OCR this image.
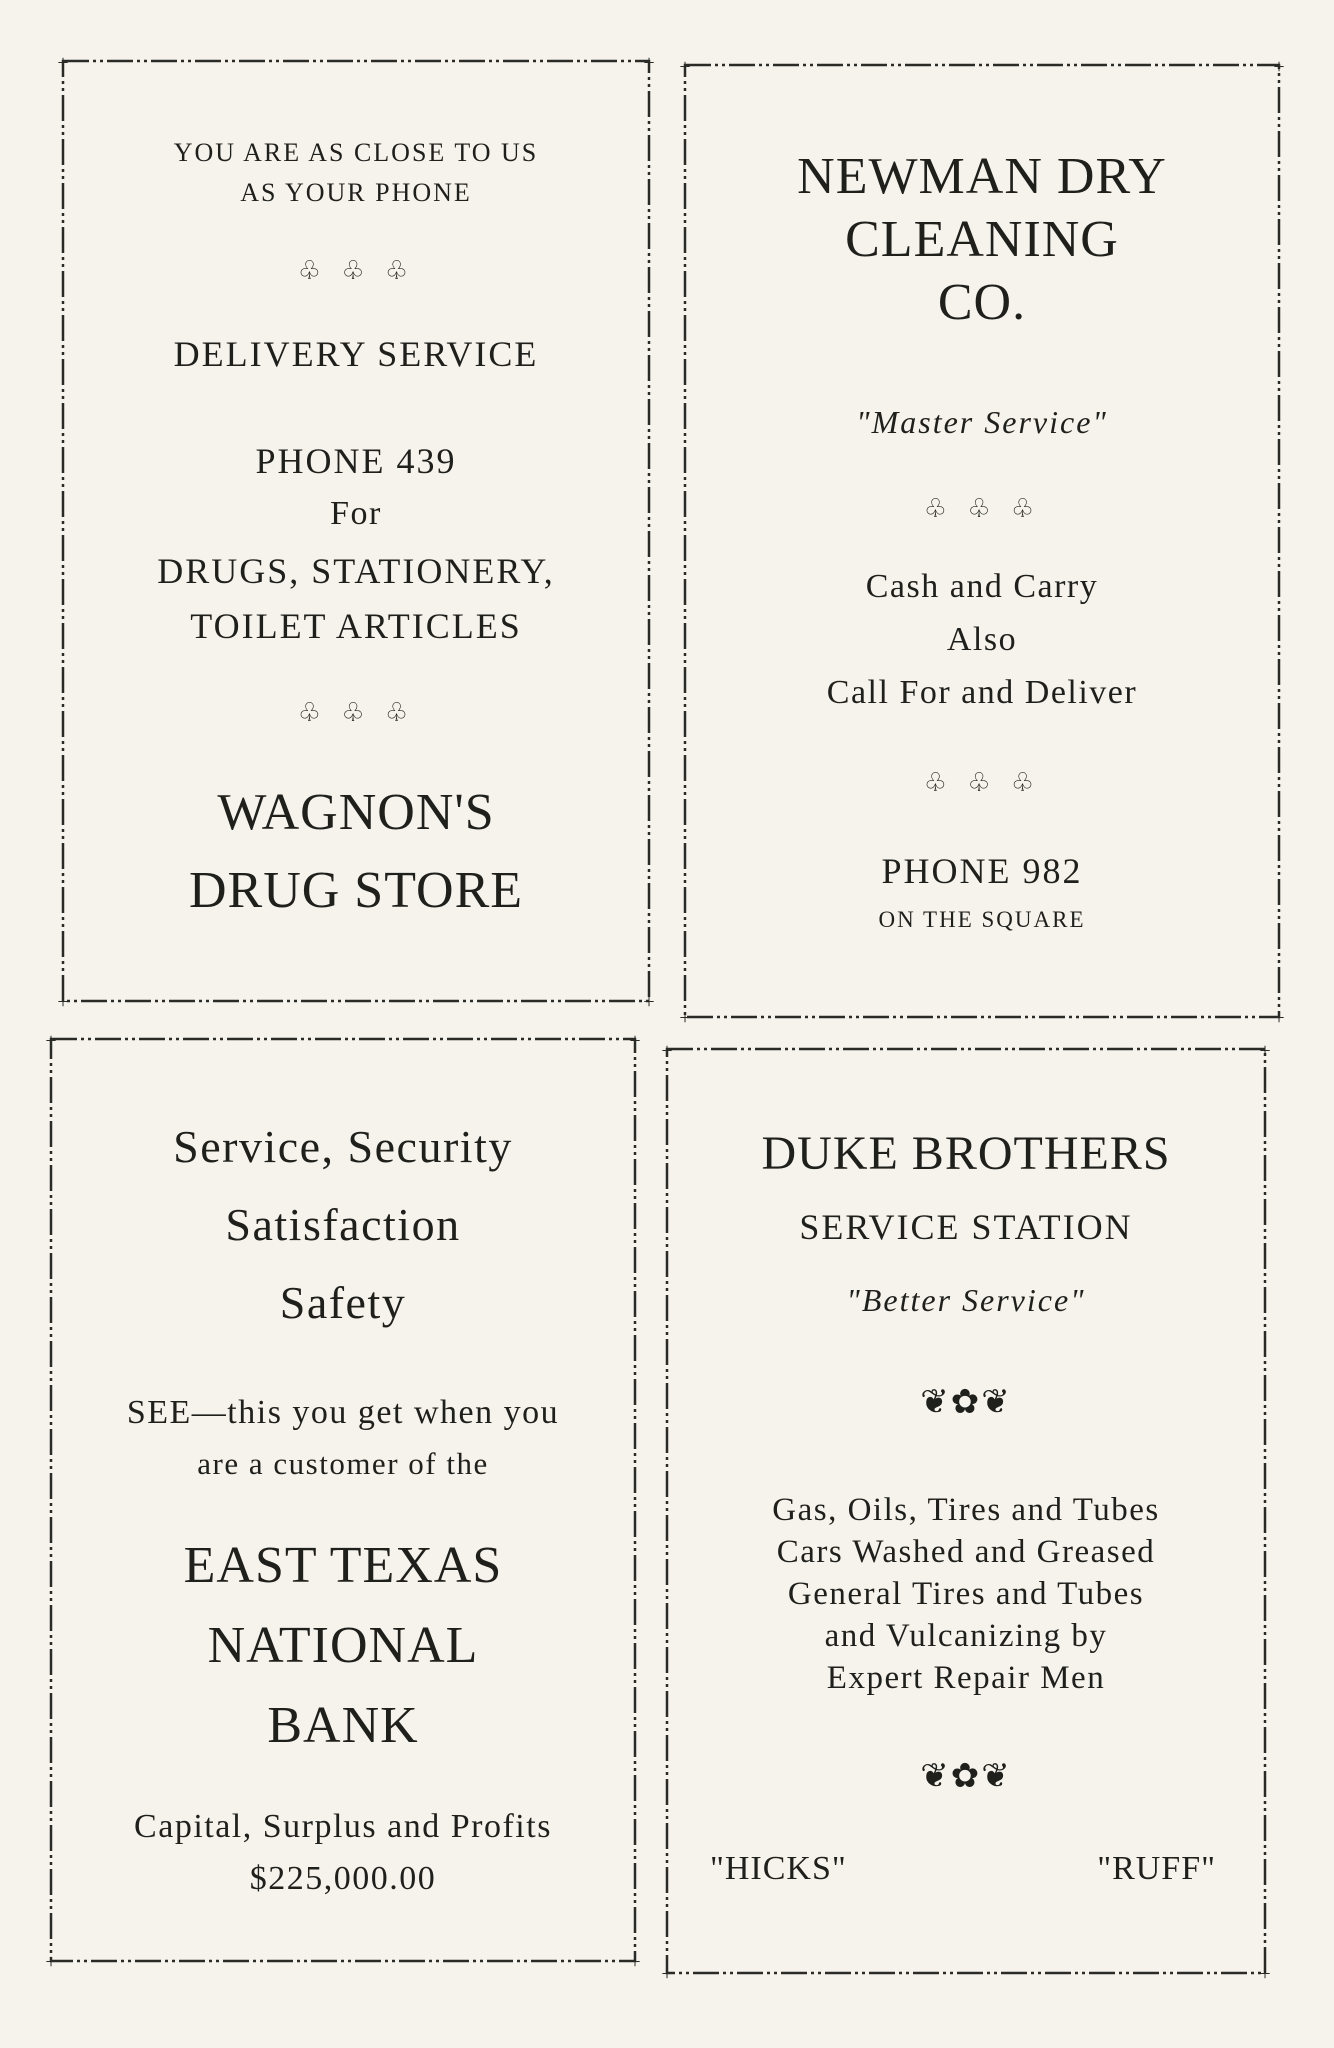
+	+
+	+
YOU ARE AS CLOSE TO US
AS YOUR PHONE
♧ ♧ ♧
DELIVERY SERVICE
PHONE 439
For
DRUGS, STATIONERY,
TOILET ARTICLES
♧ ♧ ♧
WAGNON'S
DRUG STORE
+	+
+	+
NEWMAN DRY
CLEANING
CO.
"Master Service"
♧ ♧ ♧
Cash and Carry
Also
Call For and Deliver
♧ ♧ ♧
PHONE 982
ON THE SQUARE
+	+
+	+
Service, Security
Satisfaction
Safety
SEE—this you get when you
are a customer of the
EAST TEXAS
NATIONAL
BANK
Capital, Surplus and Profits
$225,000.00
+	+
+	+
DUKE BROTHERS
SERVICE STATION
"Better Service"
❦✿❦
Gas, Oils, Tires and Tubes
Cars Washed and Greased
General Tires and Tubes
and Vulcanizing by
Expert Repair Men
❦✿❦
"HICKS"	"RUFF"
